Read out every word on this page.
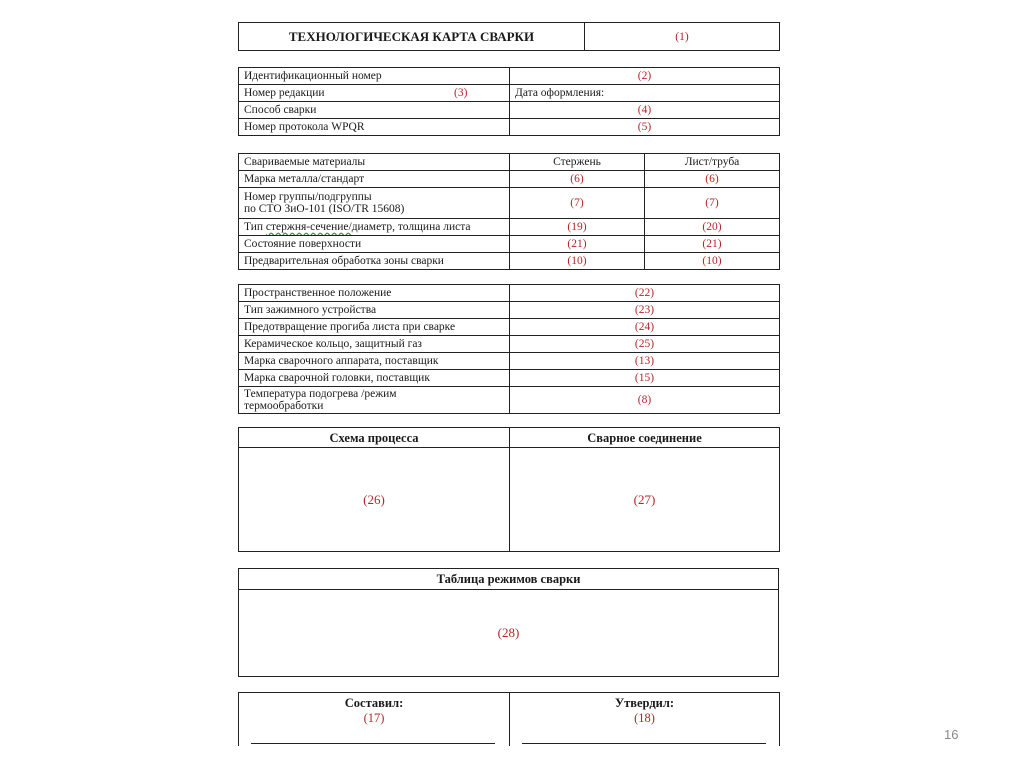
ТЕХНОЛОГИЧЕСКАЯ КАРТА СВАРКИ	(1)
Идентификационный номер	(2)
Номер редакции (3)	Дата оформления:
Способ сварки	(4)
Номер протокола WPQR	(5)
Свариваемые материалы	Стержень	Лист/труба
Марка металла/стандарт	(6)	(6)

Номер группы/подгруппы
по СТО ЗиО-101 (ISO/TR 15608)	(7)	(7)
Тип стержня-сечение/диаметр, толщина листа	(19)	(20)
Состояние поверхности	(21)	(21)
Предварительная обработка зоны сварки	(10)	(10)
Пространственное положение	(22)
Тип зажимного устройства	(23)
Предотвращение прогиба листа при сварке	(24)
Керамическое кольцо, защитный газ	(25)
Марка сварочного аппарата, поставщик	(13)
Марка сварочной головки, поставщик	(15)

Температура подогрева /режим
термообработки	(8)
Схема процесса	Сварное соединение
(26)	(27)
Таблица режимов сварки
(28)
Составил:
(17)

Утвердил:
(18)
16
